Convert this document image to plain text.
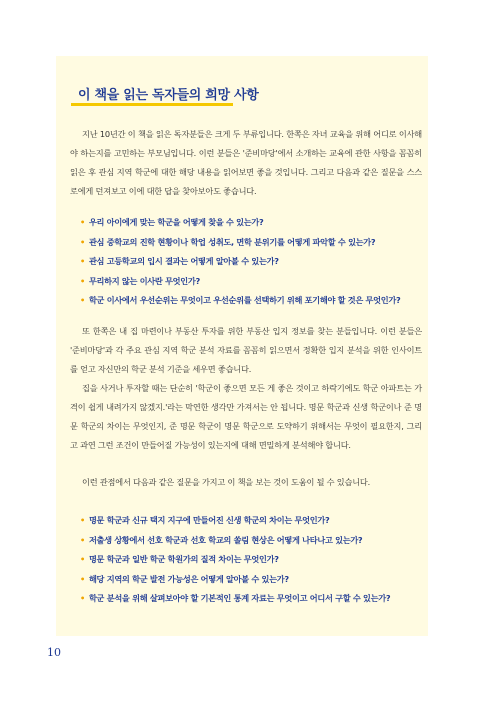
이 책을 읽는 독자들의 희망 사항

지난 10년간 이 책을 읽은 독자분들은 크게 두 부류입니다. 한쪽은 자녀 교육을 위해 어디로 이사해야 하는지를 고민하는 부모님입니다. 이런 분들은 '준비마당'에서 소개하는 교육에 관한 사항을 꼼꼼히 읽은 후 관심 지역 학군에 대한 해당 내용을 읽어보면 좋을 것입니다. 그리고 다음과 같은 질문을 스스로에게 던져보고 이에 대한 답을 찾아보아도 좋습니다.

• 우리 아이에게 맞는 학군을 어떻게 찾을 수 있는가?
• 관심 중학교의 진학 현황이나 학업 성취도, 면학 분위기를 어떻게 파악할 수 있는가?
• 관심 고등학교의 입시 결과는 어떻게 알아볼 수 있는가?
• 무리하지 않는 이사란 무엇인가?
• 학군 이사에서 우선순위는 무엇이고 우선순위를 선택하기 위해 포기해야 할 것은 무엇인가?

또 한쪽은 내 집 마련이나 부동산 투자를 위한 부동산 입지 정보를 찾는 분들입니다. 이런 분들은 '준비마당'과 각 주요 관심 지역 학군 분석 자료를 꼼꼼히 읽으면서 정확한 입지 분석을 위한 인사이트를 얻고 자신만의 학군 분석 기준을 세우면 좋습니다.

집을 사거나 투자할 때는 단순히 '학군이 좋으면 모든 게 좋은 것이고 하락기에도 학군 아파트는 가격이 쉽게 내려가지 않겠지.'라는 막연한 생각만 가져서는 안 됩니다. 명문 학군과 신생 학군이나 준 명문 학군의 차이는 무엇인지, 준 명문 학군이 명문 학군으로 도약하기 위해서는 무엇이 필요한지, 그리고 과연 그런 조건이 만들어질 가능성이 있는지에 대해 면밀하게 분석해야 합니다.

이런 관점에서 다음과 같은 질문을 가지고 이 책을 보는 것이 도움이 될 수 있습니다.

• 명문 학군과 신규 택지 지구에 만들어진 신생 학군의 차이는 무엇인가?
• 저출생 상황에서 선호 학군과 선호 학교의 쏠림 현상은 어떻게 나타나고 있는가?
• 명문 학군과 일반 학군 학원가의 질적 차이는 무엇인가?
• 해당 지역의 학군 발전 가능성은 어떻게 알아볼 수 있는가?
• 학군 분석을 위해 살펴보아야 할 기본적인 통계 자료는 무엇이고 어디서 구할 수 있는가?
10
